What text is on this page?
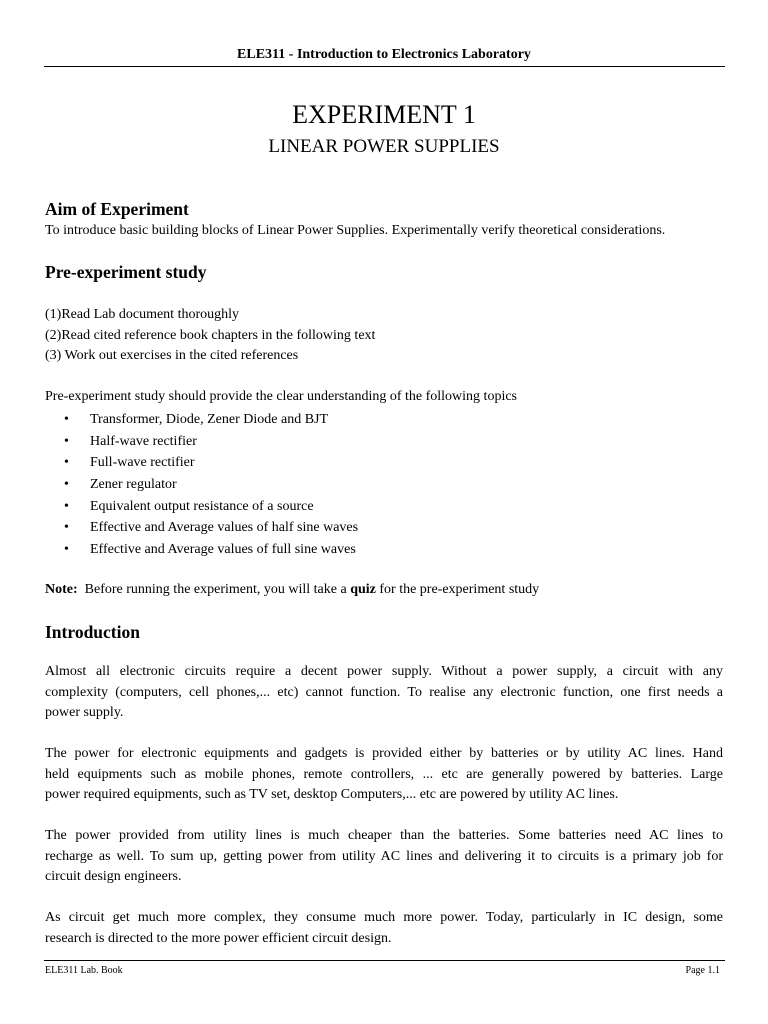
ELE311 - Introduction to Electronics Laboratory
EXPERIMENT 1
LINEAR POWER SUPPLIES
Aim of Experiment
To introduce basic building blocks of Linear Power Supplies. Experimentally verify theoretical considerations.
Pre-experiment study
(1)Read Lab document thoroughly
(2)Read cited reference book chapters in the following text
(3) Work out exercises in the cited references
Pre-experiment study should provide the clear understanding of the following topics
• Transformer, Diode, Zener Diode and BJT
• Half-wave rectifier
• Full-wave rectifier
• Zener regulator
• Equivalent output resistance of a source
• Effective and Average values of half sine waves
• Effective and Average values of full sine waves
Note: Before running the experiment, you will take a quiz for the pre-experiment study
Introduction
Almost all electronic circuits require a decent power supply. Without a power supply, a circuit with any
complexity (computers, cell phones,... etc) cannot function. To realise any electronic function, one first needs a
power supply.
The power for electronic equipments and gadgets is provided either by batteries or by utility AC lines. Hand
held equipments such as mobile phones, remote controllers, ... etc are generally powered by batteries. Large
power required equipments, such as TV set, desktop Computers,... etc are powered by utility AC lines.
The power provided from utility lines is much cheaper than the batteries. Some batteries need AC lines to
recharge as well. To sum up, getting power from utility AC lines and delivering it to circuits is a primary job for
circuit design engineers.
As circuit get much more complex, they consume much more power. Today, particularly in IC design, some
research is directed to the more power efficient circuit design.
ELE311 Lab. Book	Page 1.1
